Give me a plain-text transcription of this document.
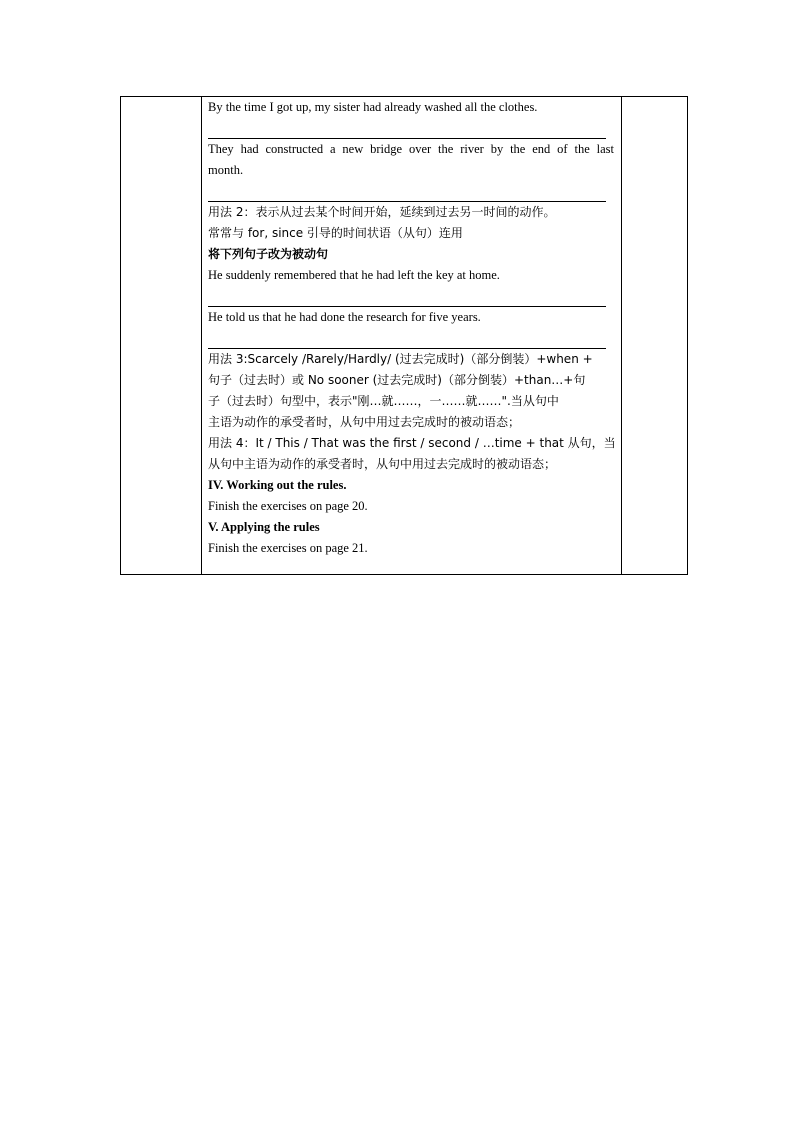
By the time I got up, my sister had already washed all the clothes.
They had constructed a new bridge over the river by the end of the last
month.
用法 2：表示从过去某个时间开始，延续到过去另一时间的动作。
常常与 for, since 引导的时间状语（从句）连用
将下列句子改为被动句
He suddenly remembered that he had left the key at home.
He told us that he had done the research for five years.
用法 3:Scarcely /Rarely/Hardly/ (过去完成时)（部分倒装）+when +
句子（过去时）或 No sooner (过去完成时)（部分倒装）+than…+句
子（过去时）句型中，表示"刚…就……，一……就……".当从句中
主语为动作的承受者时，从句中用过去完成时的被动语态；
用法 4：It / This / That was the first / second / …time + that 从句，当
从句中主语为动作的承受者时，从句中用过去完成时的被动语态；
IV. Working out the rules.
Finish the exercises on page 20.
V. Applying the rules
Finish the exercises on page 21.
